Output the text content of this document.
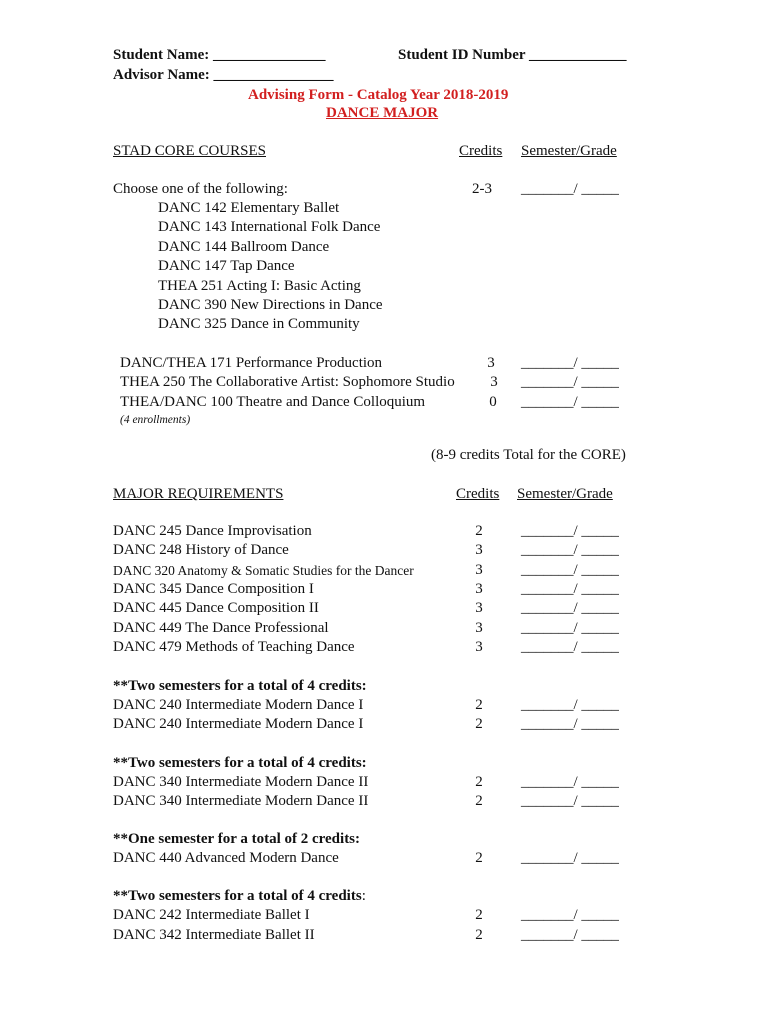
Student Name: _______________	Student ID Number _____________
Advisor Name: ________________
Advising Form - Catalog Year 2018-2019
DANCE MAJOR
STAD CORE COURSES	Credits Semester/Grade
Choose one of the following:	2-3 _______/ _____
DANC 142 Elementary Ballet
DANC 143 International Folk Dance
DANC 144 Ballroom Dance
DANC 147 Tap Dance
THEA 251 Acting I: Basic Acting
DANC 390 New Directions in Dance
DANC 325 Dance in Community
DANC/THEA 171 Performance Production	3	_______/ _____
THEA 250 The Collaborative Artist: Sophomore Studio	3	_______/ _____
THEA/DANC 100 Theatre and Dance Colloquium	0	_______/ _____
(4 enrollments)
(8-9 credits Total for the CORE)
MAJOR REQUIREMENTS	Credits Semester/Grade
DANC 245 Dance Improvisation	2	_______/ _____
DANC 248 History of Dance	3	_______/ _____
DANC 320 Anatomy & Somatic Studies for the Dancer	3	_______/ _____
DANC 345 Dance Composition I	3	_______/ _____
DANC 445 Dance Composition II	3	_______/ _____
DANC 449 The Dance Professional	3	_______/ _____
DANC 479 Methods of Teaching Dance	3	_______/ _____
**Two semesters for a total of 4 credits:
DANC 240 Intermediate Modern Dance I	2	_______/ _____
DANC 240 Intermediate Modern Dance I	2	_______/ _____
**Two semesters for a total of 4 credits:
DANC 340 Intermediate Modern Dance II	2	_______/ _____
DANC 340 Intermediate Modern Dance II	2	_______/ _____
**One semester for a total of 2 credits:
DANC 440 Advanced Modern Dance	2	_______/ _____
**Two semesters for a total of 4 credits:
DANC 242 Intermediate Ballet I	2	_______/ _____
DANC 342 Intermediate Ballet II	2	_______/ _____
